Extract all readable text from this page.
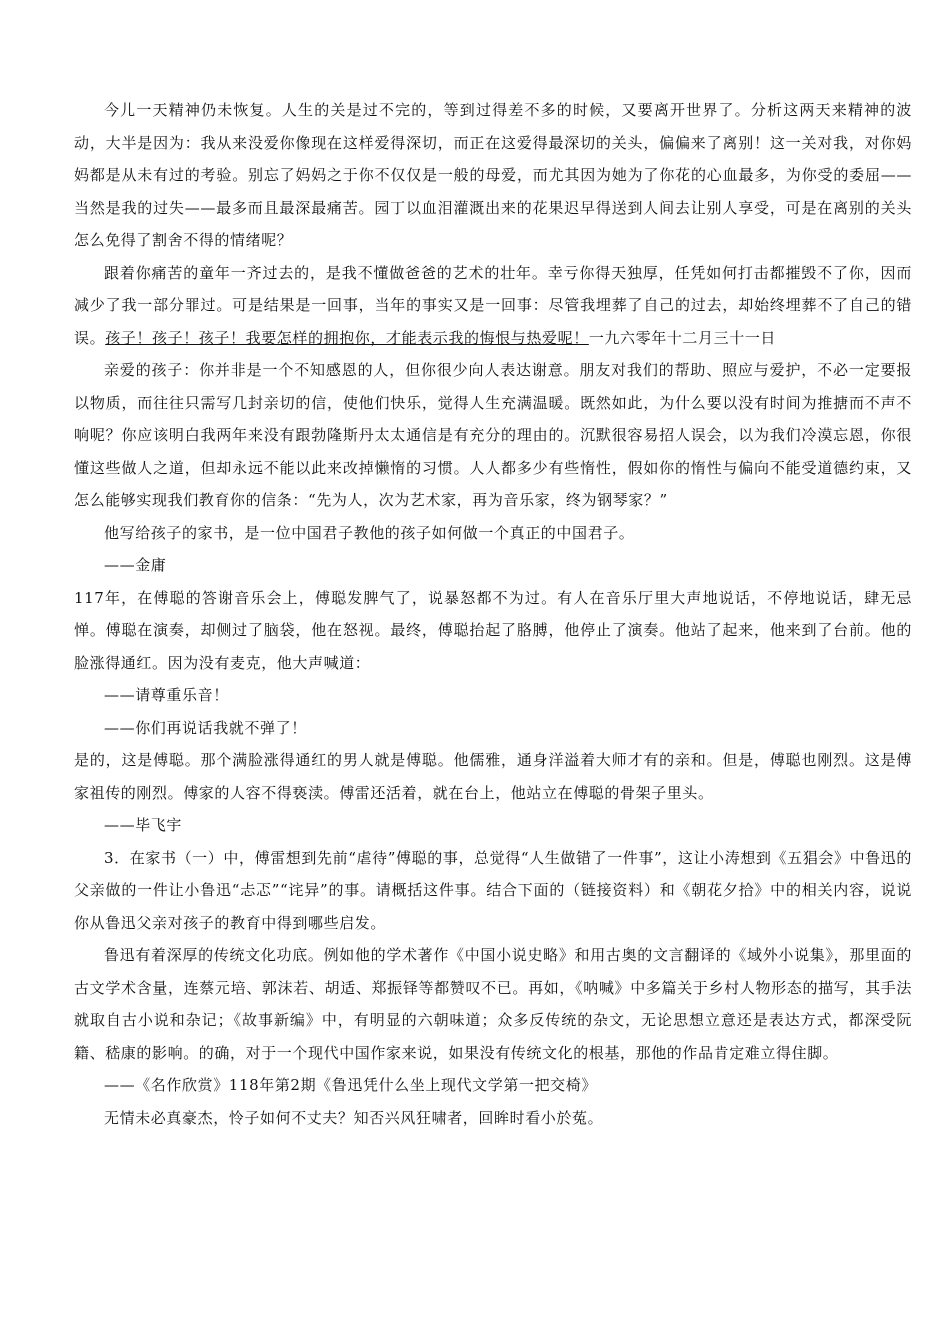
今儿一天精神仍未恢复。人生的关是过不完的，等到过得差不多的时候，又要离开世界了。分析这两天来精神的波动，大半是因为：我从来没爱你像现在这样爱得深切，而正在这爱得最深切的关头，偏偏来了离别！这一关对我，对你妈妈都是从未有过的考验。别忘了妈妈之于你不仅仅是一般的母爱，而尤其因为她为了你花的心血最多，为你受的委屈——当然是我的过失——最多而且最深最痛苦。园丁以血泪灌溉出来的花果迟早得送到人间去让别人享受，可是在离别的关头怎么免得了割舍不得的情绪呢？

跟着你痛苦的童年一齐过去的，是我不懂做爸爸的艺术的壮年。幸亏你得天独厚，任凭如何打击都摧毁不了你，因而减少了我一部分罪过。可是结果是一回事，当年的事实又是一回事：尽管我埋葬了自己的过去，却始终埋葬不了自己的错误。孩子！孩子！孩子！我要怎样的拥抱你，才能表示我的悔恨与热爱呢！一九六零年十二月三十一日

亲爱的孩子：你并非是一个不知感恩的人，但你很少向人表达谢意。朋友对我们的帮助、照应与爱护，不必一定要报以物质，而往往只需写几封亲切的信，使他们快乐，觉得人生充满温暖。既然如此，为什么要以没有时间为推搪而不声不响呢？你应该明白我两年来没有跟勃隆斯丹太太通信是有充分的理由的。沉默很容易招人误会，以为我们冷漠忘恩，你很懂这些做人之道，但却永远不能以此来改掉懒惰的习惯。人人都多少有些惰性，假如你的惰性与偏向不能受道德约束，又怎么能够实现我们教育你的信条：“先为人，次为艺术家，再为音乐家，终为钢琴家？”

他写给孩子的家书，是一位中国君子教他的孩子如何做一个真正的中国君子。

——金庸

117年，在傅聪的答谢音乐会上，傅聪发脾气了，说暴怒都不为过。有人在音乐厅里大声地说话，不停地说话，肆无忌惮。傅聪在演奏，却侧过了脑袋，他在怒视。最终，傅聪抬起了胳膊，他停止了演奏。他站了起来，他来到了台前。他的脸涨得通红。因为没有麦克，他大声喊道：

——请尊重乐音！

——你们再说话我就不弹了！

是的，这是傅聪。那个满脸涨得通红的男人就是傅聪。他儒雅，通身洋溢着大师才有的亲和。但是，傅聪也刚烈。这是傅家祖传的刚烈。傅家的人容不得亵渎。傅雷还活着，就在台上，他站立在傅聪的骨架子里头。

——毕飞宇

3．在家书（一）中，傅雷想到先前“虐待”傅聪的事，总觉得“人生做错了一件事”，这让小涛想到《五猖会》中鲁迅的父亲做的一件让小鲁迅“忐忑”“诧异”的事。请概括这件事。结合下面的（链接资料）和《朝花夕拾》中的相关内容，说说你从鲁迅父亲对孩子的教育中得到哪些启发。

鲁迅有着深厚的传统文化功底。例如他的学术著作《中国小说史略》和用古奥的文言翻译的《域外小说集》，那里面的古文学术含量，连蔡元培、郭沫若、胡适、郑振铎等都赞叹不已。再如，《呐喊》中多篇关于乡村人物形态的描写，其手法就取自古小说和杂记；《故事新编》中，有明显的六朝味道；众多反传统的杂文，无论思想立意还是表达方式，都深受阮籍、嵇康的影响。的确，对于一个现代中国作家来说，如果没有传统文化的根基，那他的作品肯定难立得住脚。

——《名作欣赏》118年第2期《鲁迅凭什么坐上现代文学第一把交椅》

无情未必真豪杰，怜子如何不丈夫？知否兴风狂啸者，回眸时看小於菟。
